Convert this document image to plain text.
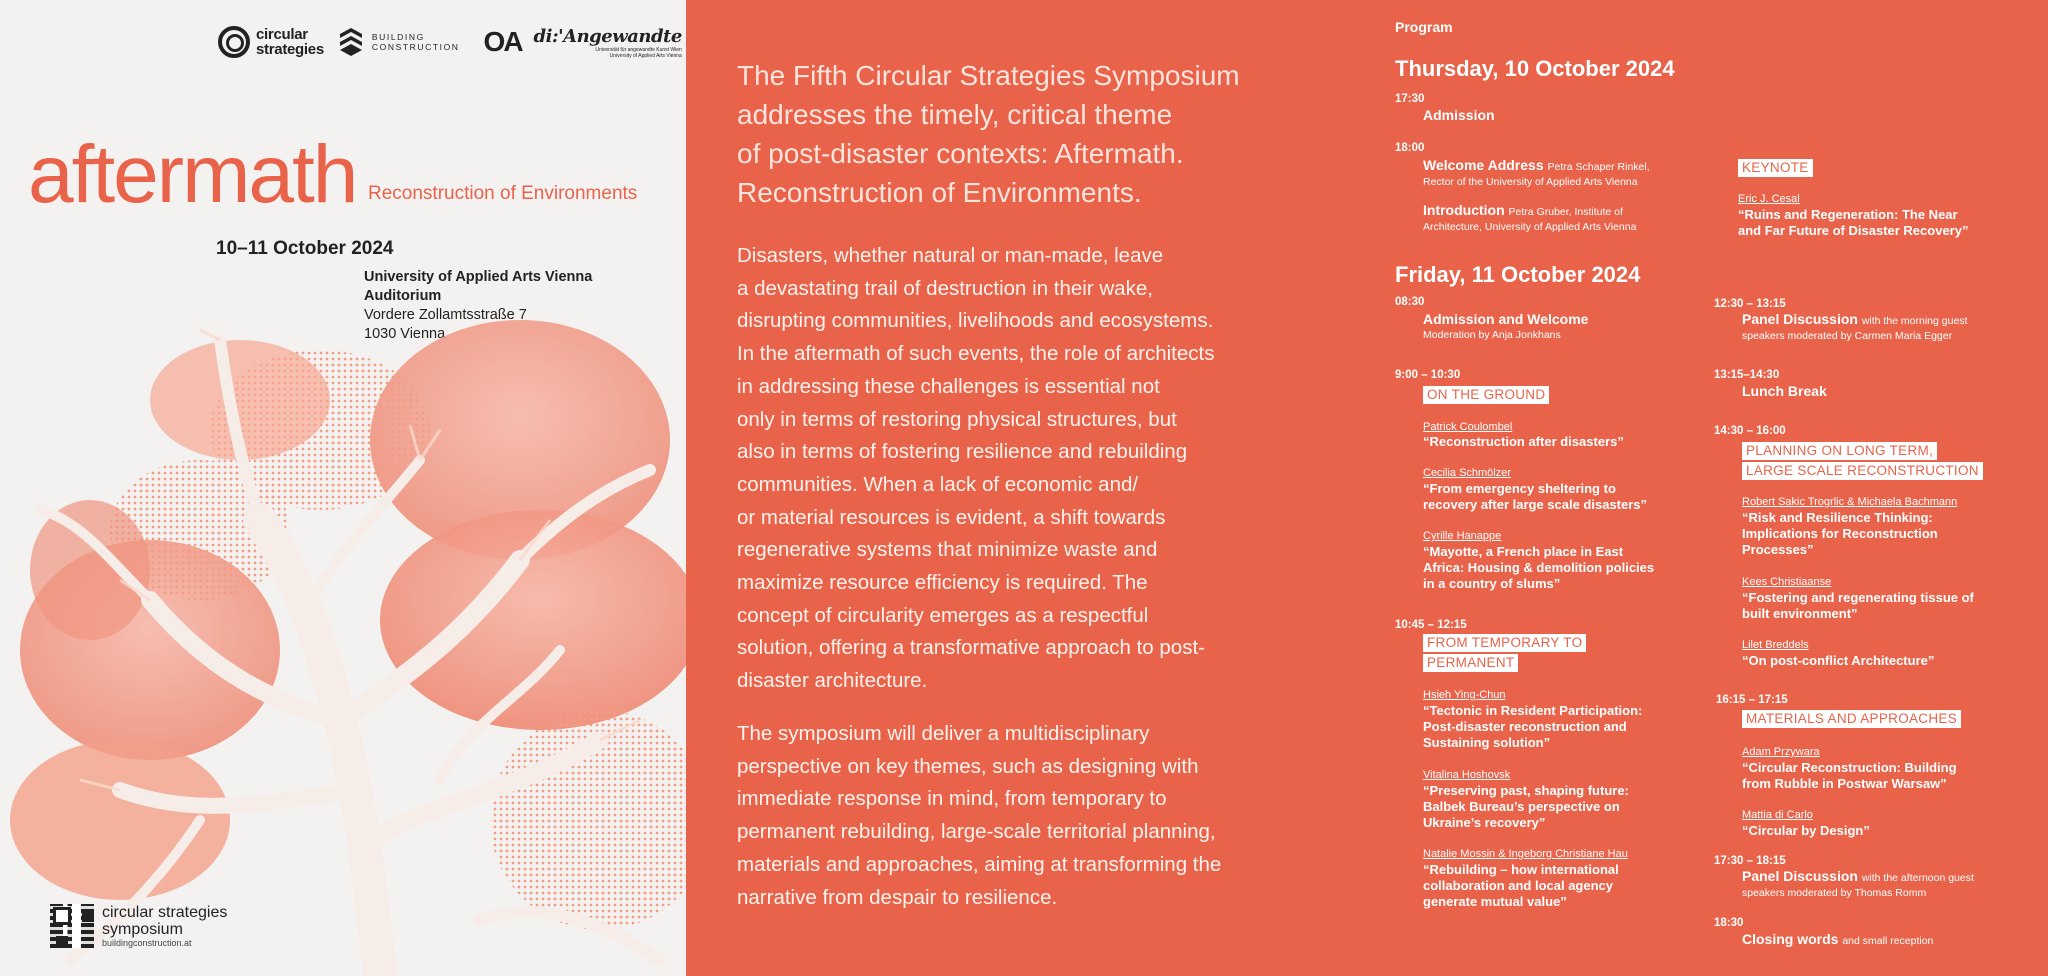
circular
strategies
BUILDING
CONSTRUCTION OA di:'Angewandte
Universität für angewandte Kunst Wien
University of Applied Arts Vienna
aftermath Reconstruction of Environments
10–11 October 2024
University of Applied Arts Vienna
Auditorium
Vordere Zollamtsstraße 7
1030 Vienna
circular strategies
symposium
buildingconstruction.at
The Fifth Circular Strategies Symposium
addresses the timely, critical theme
of post-disaster contexts: Aftermath.
Reconstruction of Environments.
Disasters, whether natural or man-made, leave
a devastating trail of destruction in their wake,
disrupting communities, livelihoods and ecosystems.
In the aftermath of such events, the role of architects
in addressing these challenges is essential not
only in terms of restoring physical structures, but
also in terms of fostering resilience and rebuilding
communities. When a lack of economic and/
or material resources is evident, a shift towards
regenerative systems that minimize waste and
maximize resource efficiency is required. The
concept of circularity emerges as a respectful
solution, offering a transformative approach to post-
disaster architecture.
The symposium will deliver a multidisciplinary
perspective on key themes, such as designing with
immediate response in mind, from temporary to
permanent rebuilding, large-scale territorial planning,
materials and approaches, aiming at transforming the
narrative from despair to resilience.
Program
Thursday, 10 October 2024
17:30
Admission
18:00
Welcome Address Petra Schaper Rinkel,
Rector of the University of Applied Arts Vienna
Introduction Petra Gruber, Institute of
Architecture, University of Applied Arts Vienna
KEYNOTE
Eric J. Cesal
“Ruins and Regeneration: The Near
and Far Future of Disaster Recovery”
Friday, 11 October 2024
08:30
Admission and Welcome
Moderation by Anja Jonkhans
9:00 – 10:30
ON THE GROUND
Patrick Coulombel
“Reconstruction after disasters”
Cecilia Schmölzer
“From emergency sheltering to
recovery after large scale disasters”
Cyrille Hanappe
“Mayotte, a French place in East
Africa: Housing & demolition policies
in a country of slums”
10:45 – 12:15
FROM TEMPORARY TO
PERMANENT
Hsieh Ying-Chun
“Tectonic in Resident Participation:
Post-disaster reconstruction and
Sustaining solution”
Vitalina Hoshovsk
“Preserving past, shaping future:
Balbek Bureau’s perspective on
Ukraine’s recovery”
Natalie Mossin & Ingeborg Christiane Hau
“Rebuilding – how international
collaboration and local agency
generate mutual value”
12:30 – 13:15
Panel Discussion with the morning guest
speakers moderated by Carmen Maria Egger
13:15–14:30
Lunch Break
14:30 – 16:00
PLANNING ON LONG TERM,
LARGE SCALE RECONSTRUCTION
Robert Sakic Trogrlic & Michaela Bachmann
“Risk and Resilience Thinking:
Implications for Reconstruction
Processes”
Kees Christiaanse
“Fostering and regenerating tissue of
built environment”
Lilet Breddels
“On post-conflict Architecture”
16:15 – 17:15
MATERIALS AND APPROACHES
Adam Przywara
“Circular Reconstruction: Building
from Rubble in Postwar Warsaw”
Mattia di Carlo
“Circular by Design”
17:30 – 18:15
Panel Discussion with the afternoon guest
speakers moderated by Thomas Romm
18:30
Closing words and small reception
